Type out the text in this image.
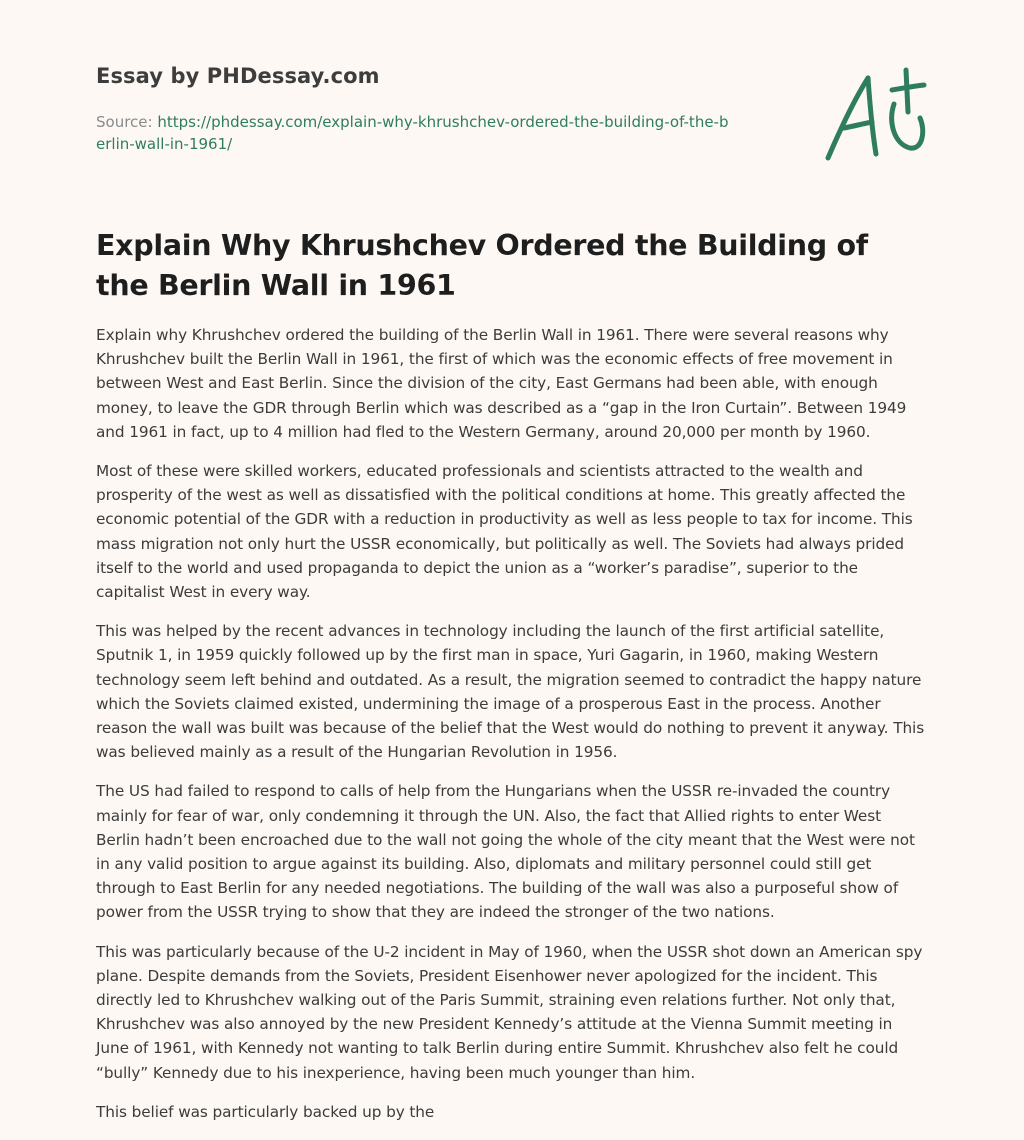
Essay by PHDessay.com
Source: https://phdessay.com/explain-why-khrushchev-ordered-the-building-of-the-berlin-wall-in-1961/
Explain Why Khrushchev Ordered the Building of the Berlin Wall in 1961

Explain why Khrushchev ordered the building of the Berlin Wall in 1961. There were several reasons why Khrushchev built the Berlin Wall in 1961, the first of which was the economic effects of free movement in between West and East Berlin. Since the division of the city, East Germans had been able, with enough money, to leave the GDR through Berlin which was described as a “gap in the Iron Curtain”. Between 1949 and 1961 in fact, up to 4 million had fled to the Western Germany, around 20,000 per month by 1960.

Most of these were skilled workers, educated professionals and scientists attracted to the wealth and prosperity of the west as well as dissatisfied with the political conditions at home. This greatly affected the economic potential of the GDR with a reduction in productivity as well as less people to tax for income. This mass migration not only hurt the USSR economically, but politically as well. The Soviets had always prided itself to the world and used propaganda to depict the union as a “worker’s paradise”, superior to the capitalist West in every way.

This was helped by the recent advances in technology including the launch of the first artificial satellite, Sputnik 1, in 1959 quickly followed up by the first man in space, Yuri Gagarin, in 1960, making Western technology seem left behind and outdated. As a result, the migration seemed to contradict the happy nature which the Soviets claimed existed, undermining the image of a prosperous East in the process. Another reason the wall was built was because of the belief that the West would do nothing to prevent it anyway. This was believed mainly as a result of the Hungarian Revolution in 1956.

The US had failed to respond to calls of help from the Hungarians when the USSR re-invaded the country mainly for fear of war, only condemning it through the UN. Also, the fact that Allied rights to enter West Berlin hadn’t been encroached due to the wall not going the whole of the city meant that the West were not in any valid position to argue against its building. Also, diplomats and military personnel could still get through to East Berlin for any needed negotiations. The building of the wall was also a purposeful show of power from the USSR trying to show that they are indeed the stronger of the two nations.

This was particularly because of the U-2 incident in May of 1960, when the USSR shot down an American spy plane. Despite demands from the Soviets, President Eisenhower never apologized for the incident. This directly led to Khrushchev walking out of the Paris Summit, straining even relations further. Not only that, Khrushchev was also annoyed by the new President Kennedy’s attitude at the Vienna Summit meeting in June of 1961, with Kennedy not wanting to talk Berlin during entire Summit. Khrushchev also felt he could “bully” Kennedy due to his inexperience, having been much younger than him.

This belief was particularly backed up by the
